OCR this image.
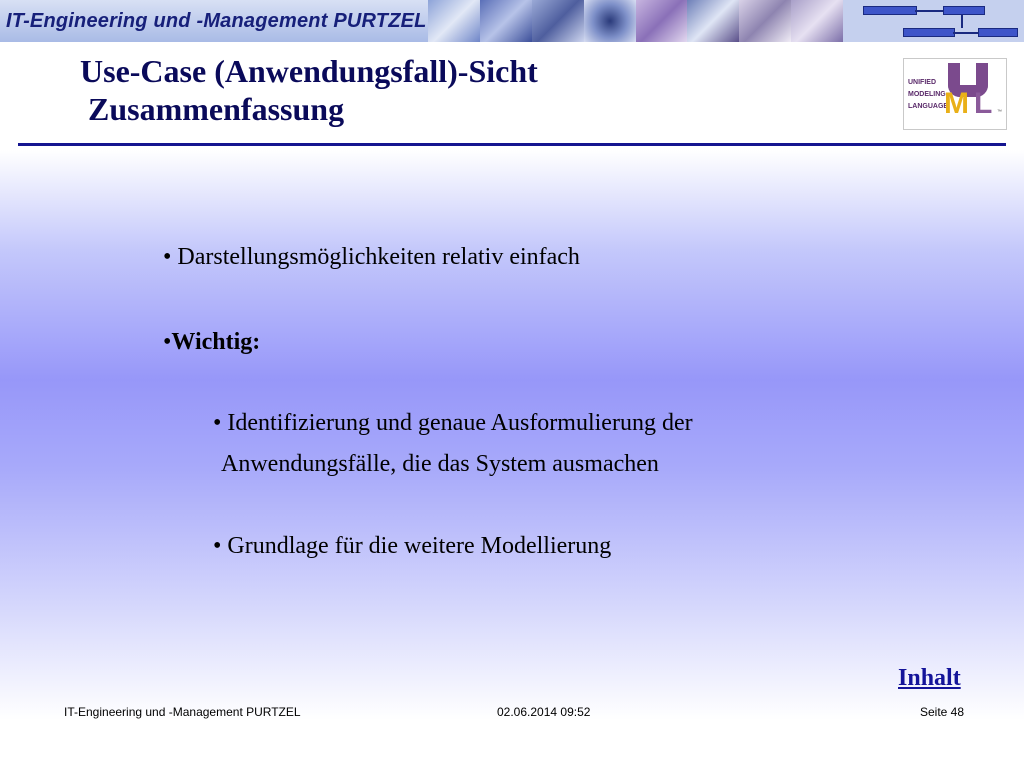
IT-Engineering und -Management PURTZEL
Use-Case (Anwendungsfall)-Sicht
Zusammenfassung
UNIFIED
MODELING
LANGUAGE
M L ™
• Darstellungsmöglichkeiten relativ einfach
•Wichtig:
• Identifizierung und genaue Ausformulierung der
Anwendungsfälle, die das System ausmachen
• Grundlage für die weitere Modellierung
Inhalt
IT-Engineering und -Management PURTZEL	02.06.2014 09:52	Seite 48
